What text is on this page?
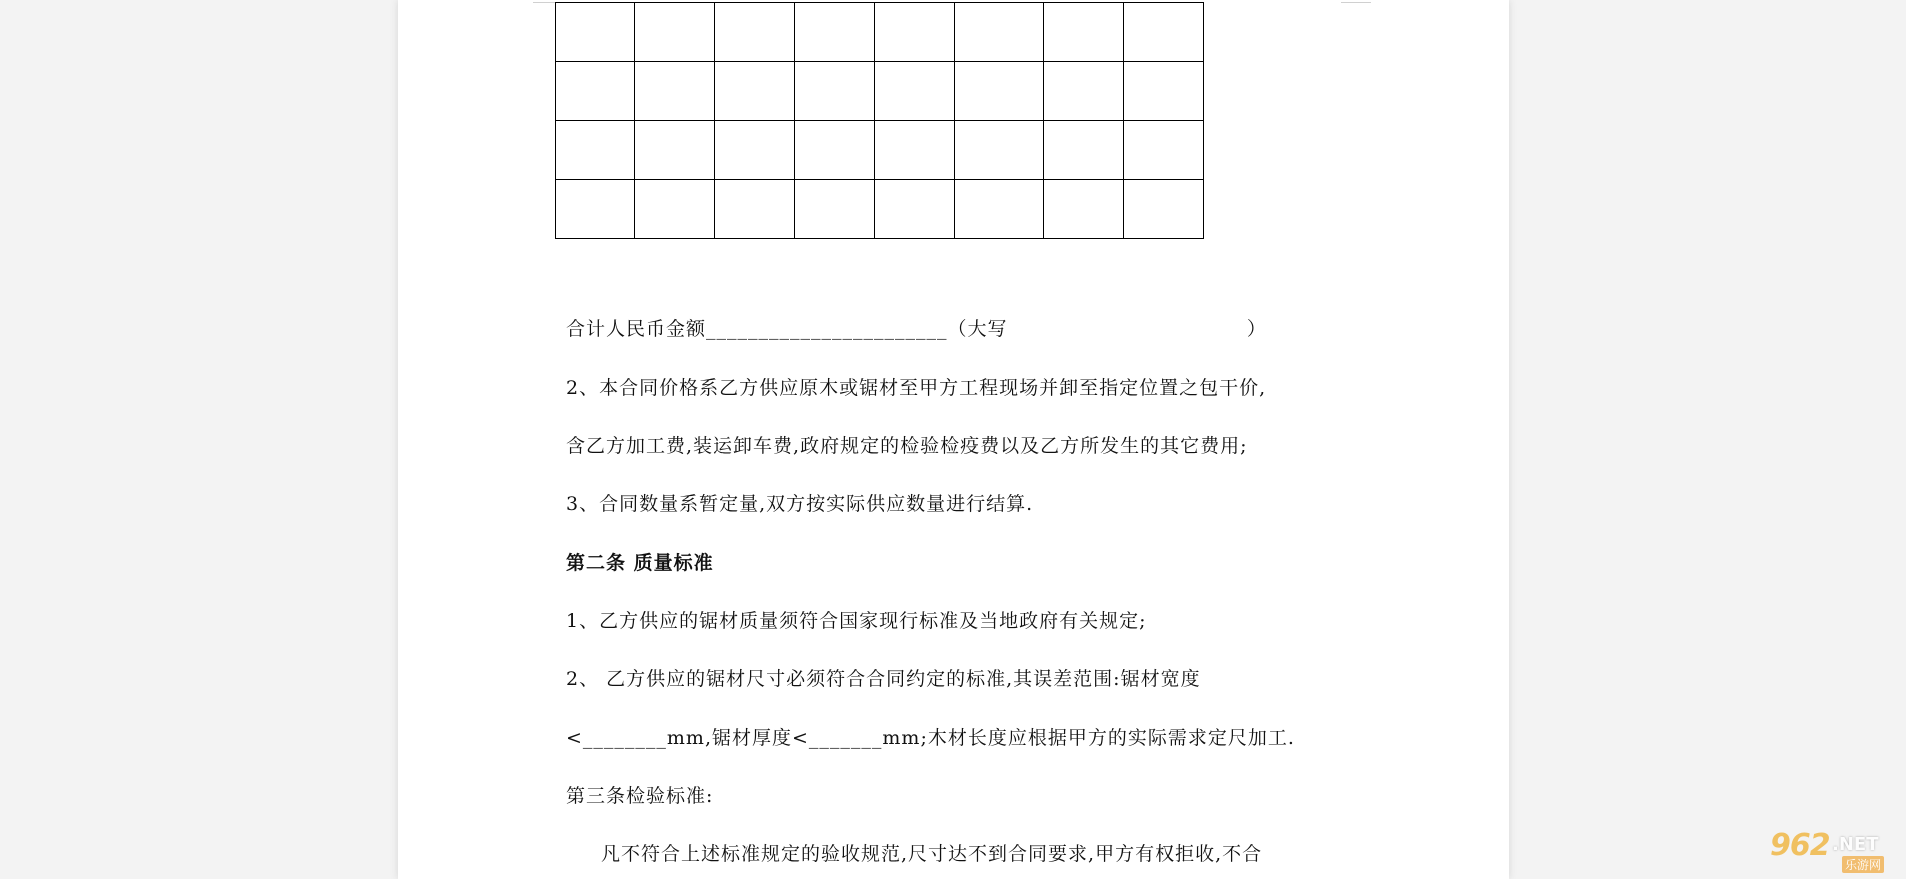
合计人民币金额_______________________（大写                                  ）
2、本合同价格系乙方供应原木或锯材至甲方工程现场并卸至指定位置之包干价,
含乙方加工费,装运卸车费,政府规定的检验检疫费以及乙方所发生的其它费用;
3、合同数量系暂定量,双方按实际供应数量进行结算.
第二条 质量标准
1、乙方供应的锯材质量须符合国家现行标准及当地政府有关规定;
2、 乙方供应的锯材尺寸必须符合合同约定的标准,其误差范围:锯材宽度
<________mm,锯材厚度<_______mm;木材长度应根据甲方的实际需求定尺加工.
第三条检验标准:
凡不符合上述标准规定的验收规范,尺寸达不到合同要求,甲方有权拒收,不合	962 .NET
乐游网
